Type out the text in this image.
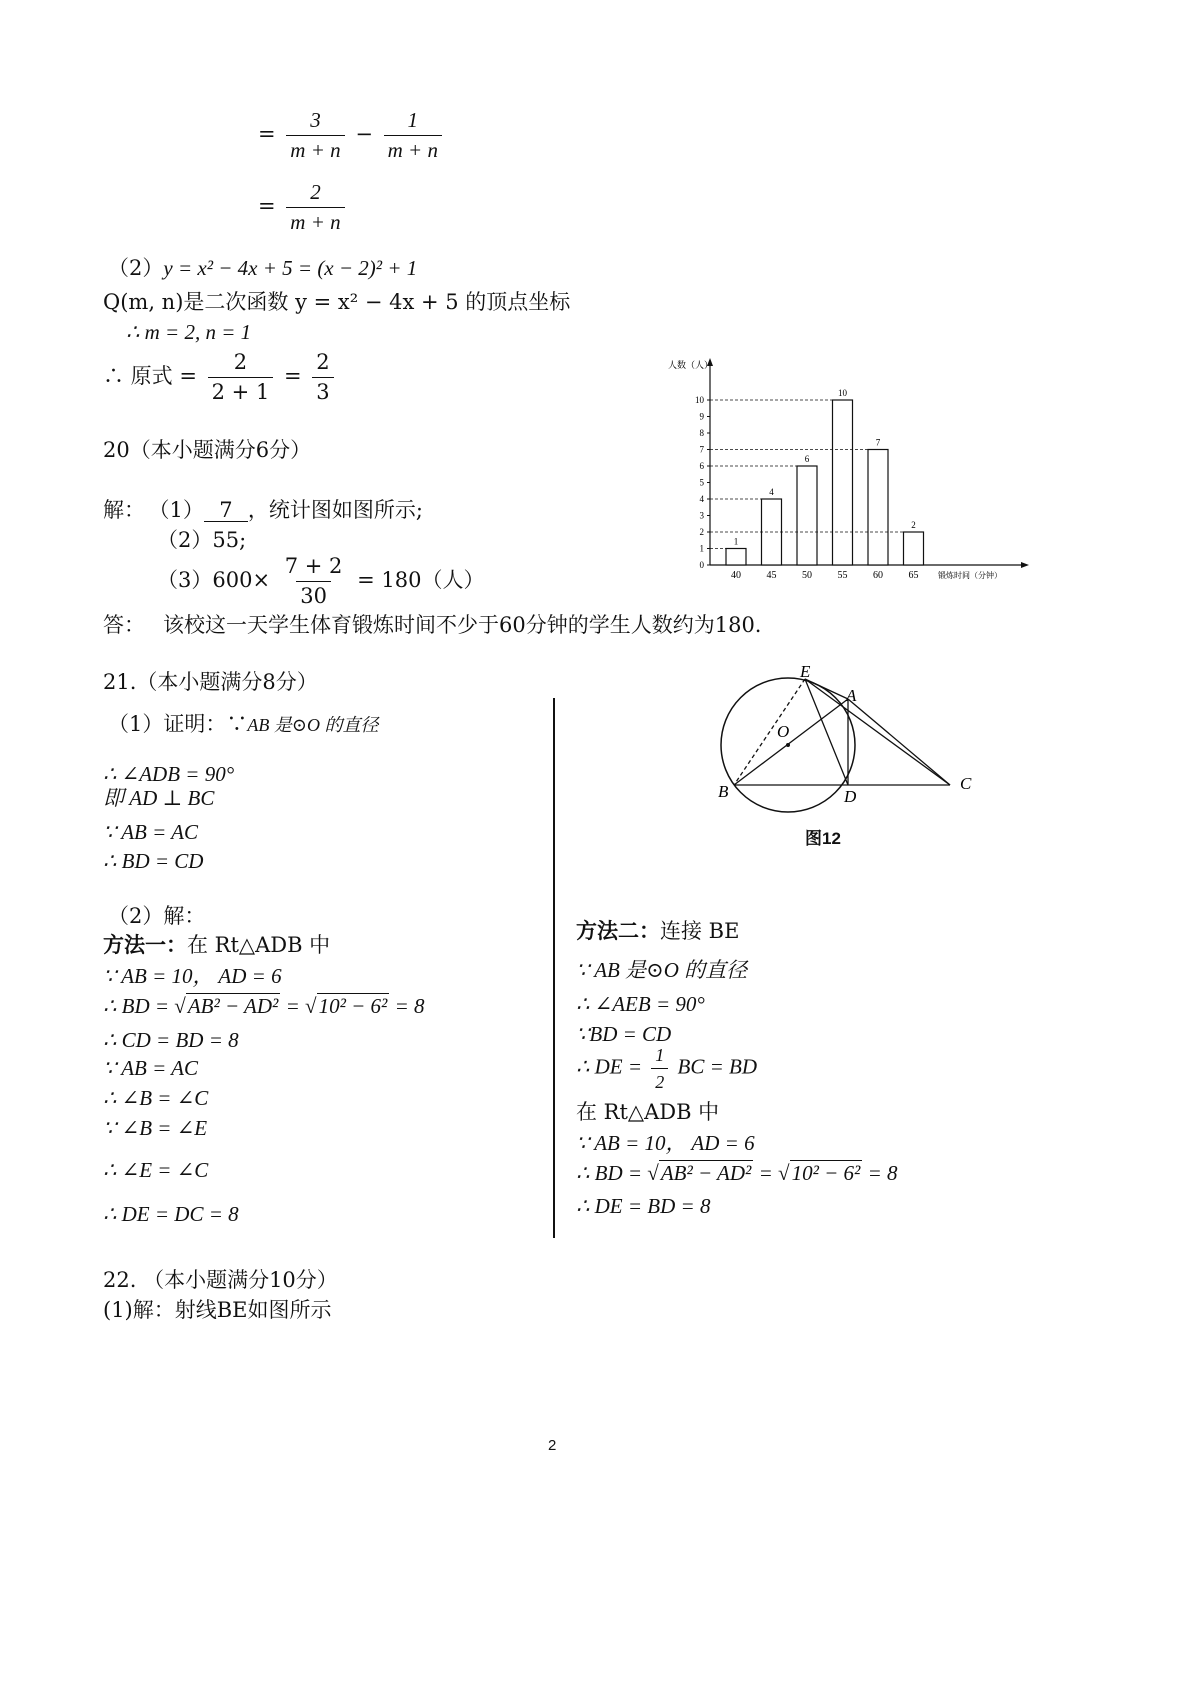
= $\frac{3}{m + n} - \frac{1}{m + n}$
= $\frac{2}{m + n}$
（2）y = x² − 4x + 5 = (x − 2)² + 1
Q(m, n)是二次函数 y = x² − 4x + 5 的顶点坐标
∴ m = 2, n = 1
∴ 原式 = $\frac{2}{2 + 1} = \frac{2}{3}$
20（本小题满分6分）
解： （1） 7 ，统计图如图所示;
（2）55;
$(3)600\times \frac{7 + 2}{30} = 180$（人）
答： 该校这一天学生体育锻炼时间不少于60分钟的学生人数约为180.
人数（人）
锻炼时间（分钟）
0
1
2
3
4
5
6
7
8
9
10
1
40
4
45
6
50
10
55
7
60
2
65
21.（本小题满分8分）
（1）证明：∵AB 是⊙O 的直径
∴ ∠ADB = 90°
即 AD ⊥ BC
∵ AB = AC
∴ BD = CD
（2）解：
方法一：在 Rt△ADB 中
∵ AB = 10， AD = 6
∴ BD = √AB² − AD² = √10² − 6² = 8
∴ CD = BD = 8
∵ AB = AC
∴ ∠B = ∠C
∵ ∠B = ∠E
∴ ∠E = ∠C
∴ DE = DC = 8
E
A
O
B	D
C
图12
方法二：连接 BE
∵ AB 是⊙O 的直径
∴ ∠AEB = 90°
∵BD = CD
∴ DE = $\frac{1}{2}$ BC = BD
在 Rt△ADB 中
∵ AB = 10， AD = 6
∴ BD = √AB² − AD² = √10² − 6² = 8
∴ DE = BD = 8
22. （本小题满分10分）
(1)解：射线BE如图所示
2
